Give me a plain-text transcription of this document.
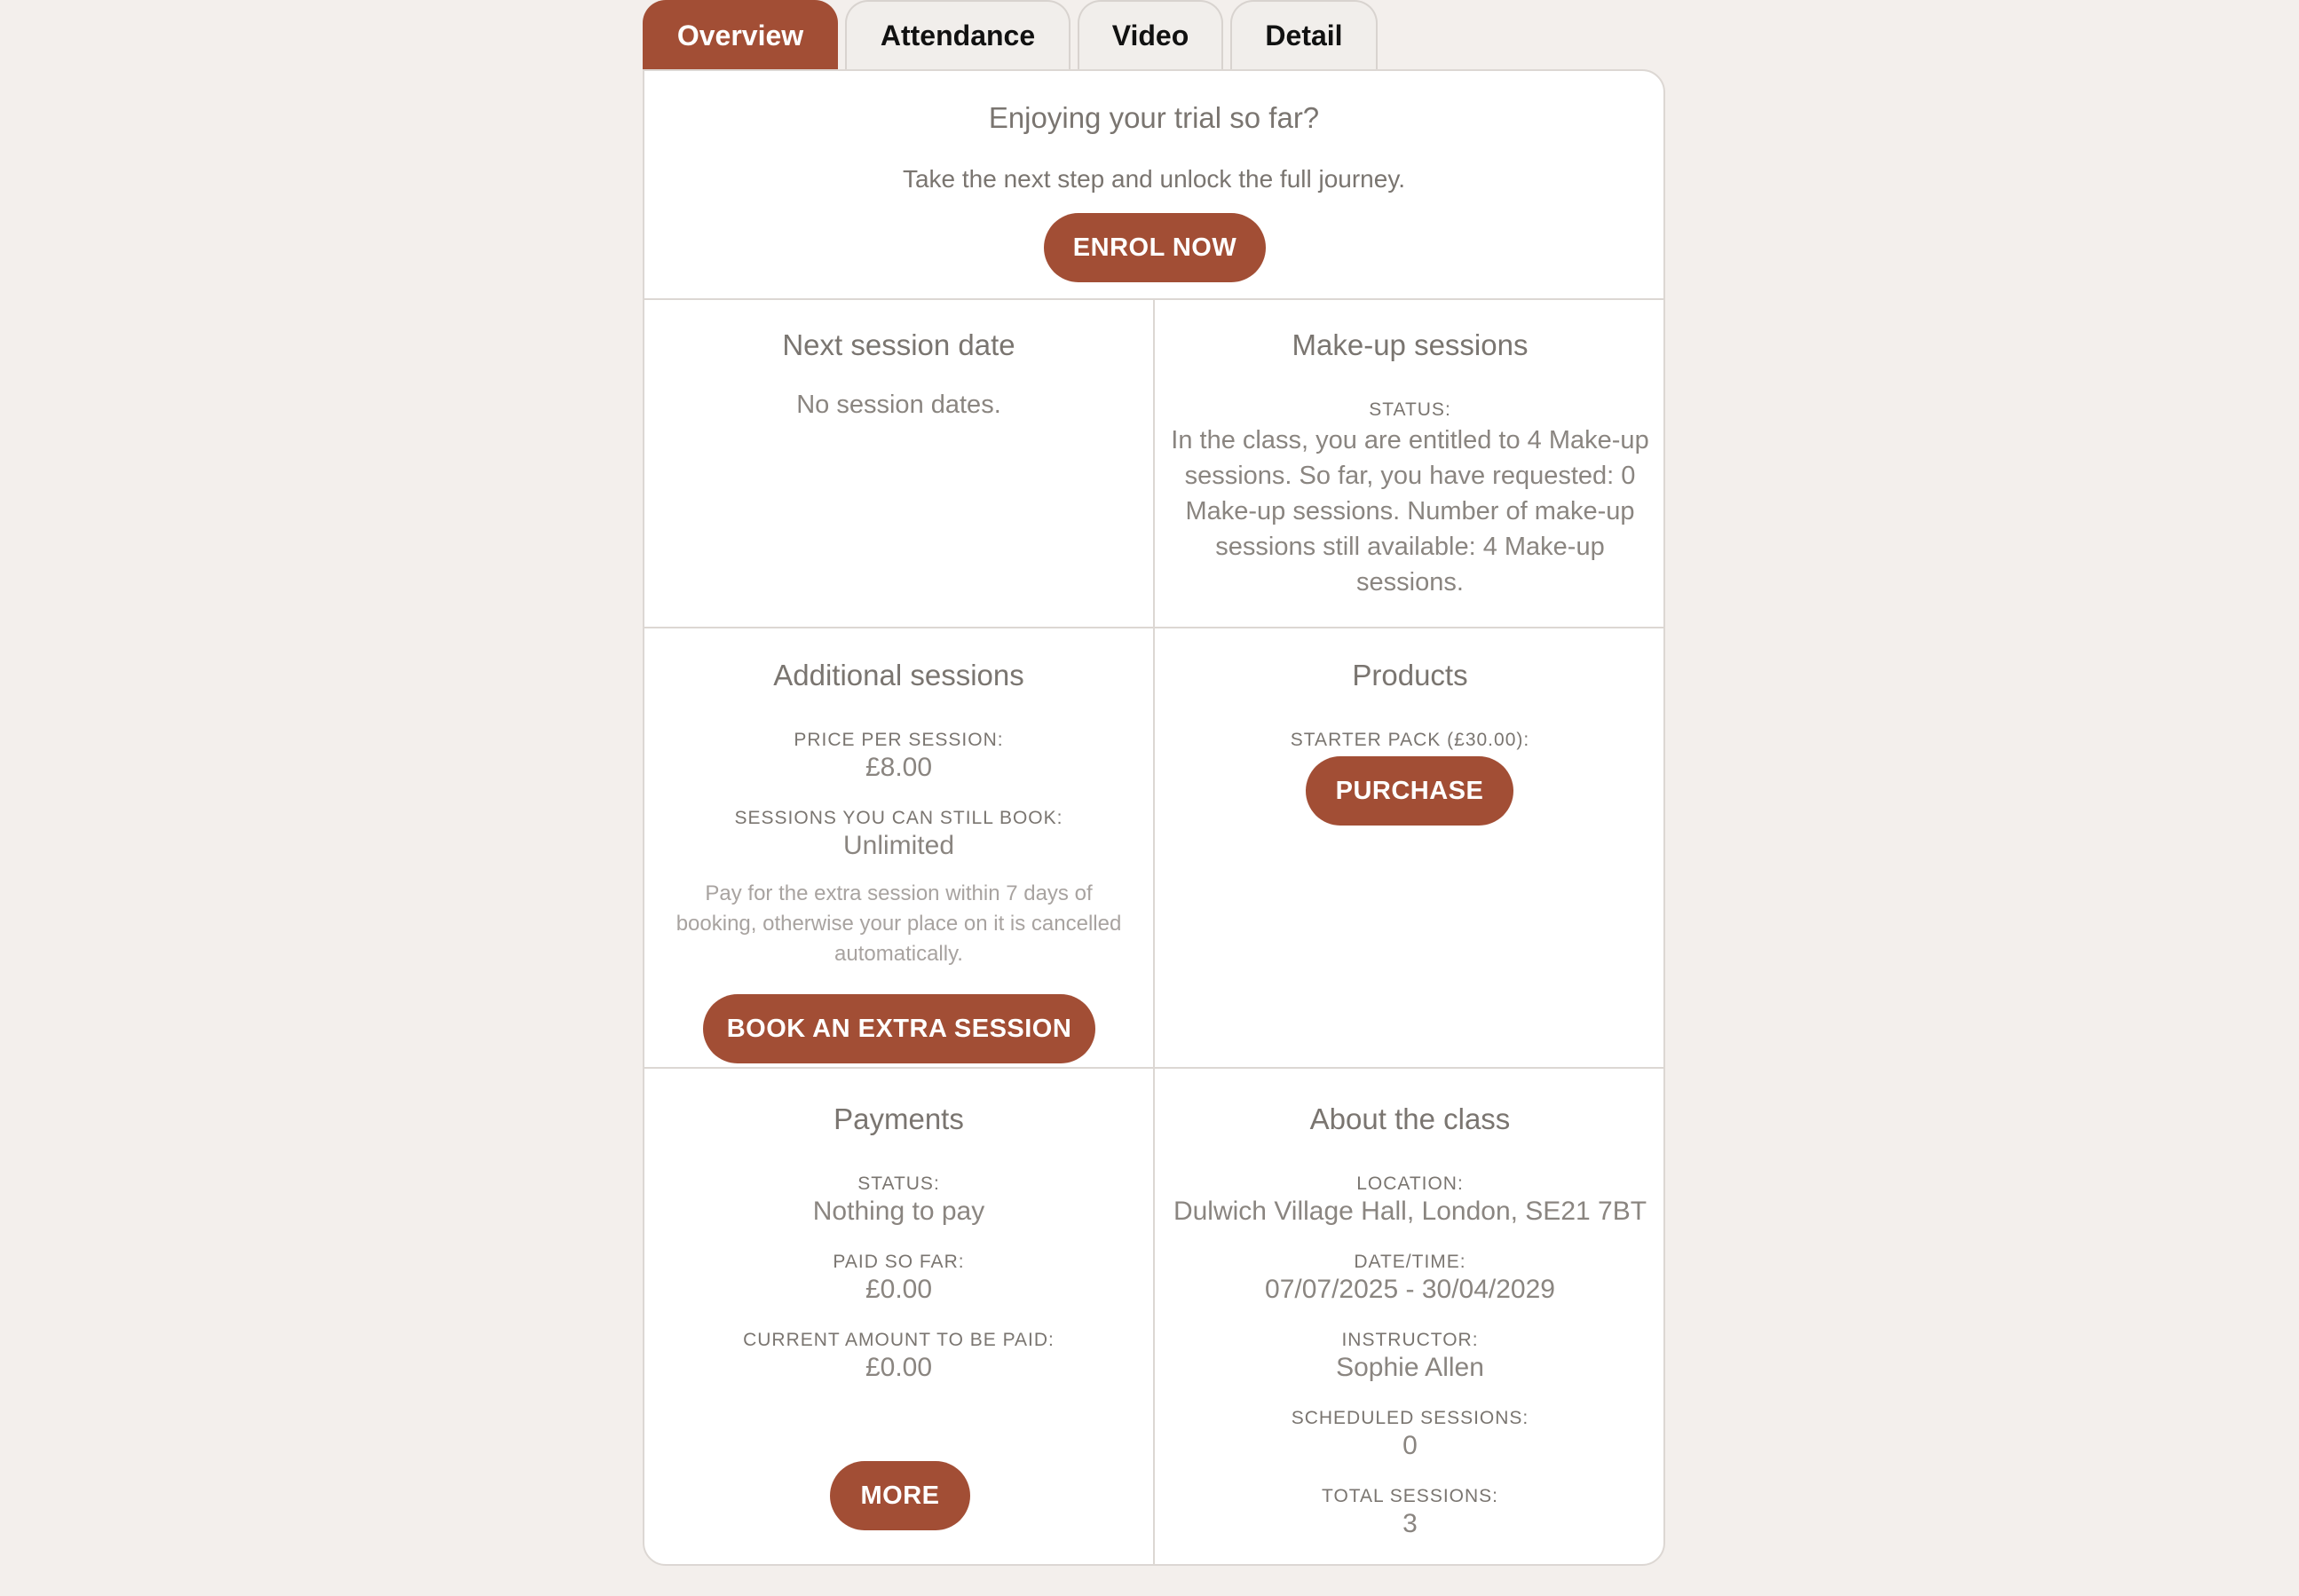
Overview	Attendance	Video	Detail
Enjoying your trial so far?

Take the next step and unlock the full journey.

ENROL NOW
Next session date
No session dates.
Make-up sessions
STATUS:
In the class, you are entitled to 4 Make-up sessions. So far, you have requested: 0 Make-up sessions. Number of make-up sessions still available: 4 Make-up sessions.
Additional sessions
PRICE PER SESSION:
£8.00
SESSIONS YOU CAN STILL BOOK:
Unlimited
Pay for the extra session within 7 days of booking, otherwise your place on it is cancelled automatically.
BOOK AN EXTRA SESSION
Products
STARTER PACK (£30.00):
PURCHASE
Payments
STATUS:
Nothing to pay
PAID SO FAR:
£0.00
CURRENT AMOUNT TO BE PAID:
£0.00
MORE
About the class
LOCATION:
Dulwich Village Hall, London, SE21 7BT
DATE/TIME:
07/07/2025 - 30/04/2029
INSTRUCTOR:
Sophie Allen
SCHEDULED SESSIONS:
0
TOTAL SESSIONS:
3
